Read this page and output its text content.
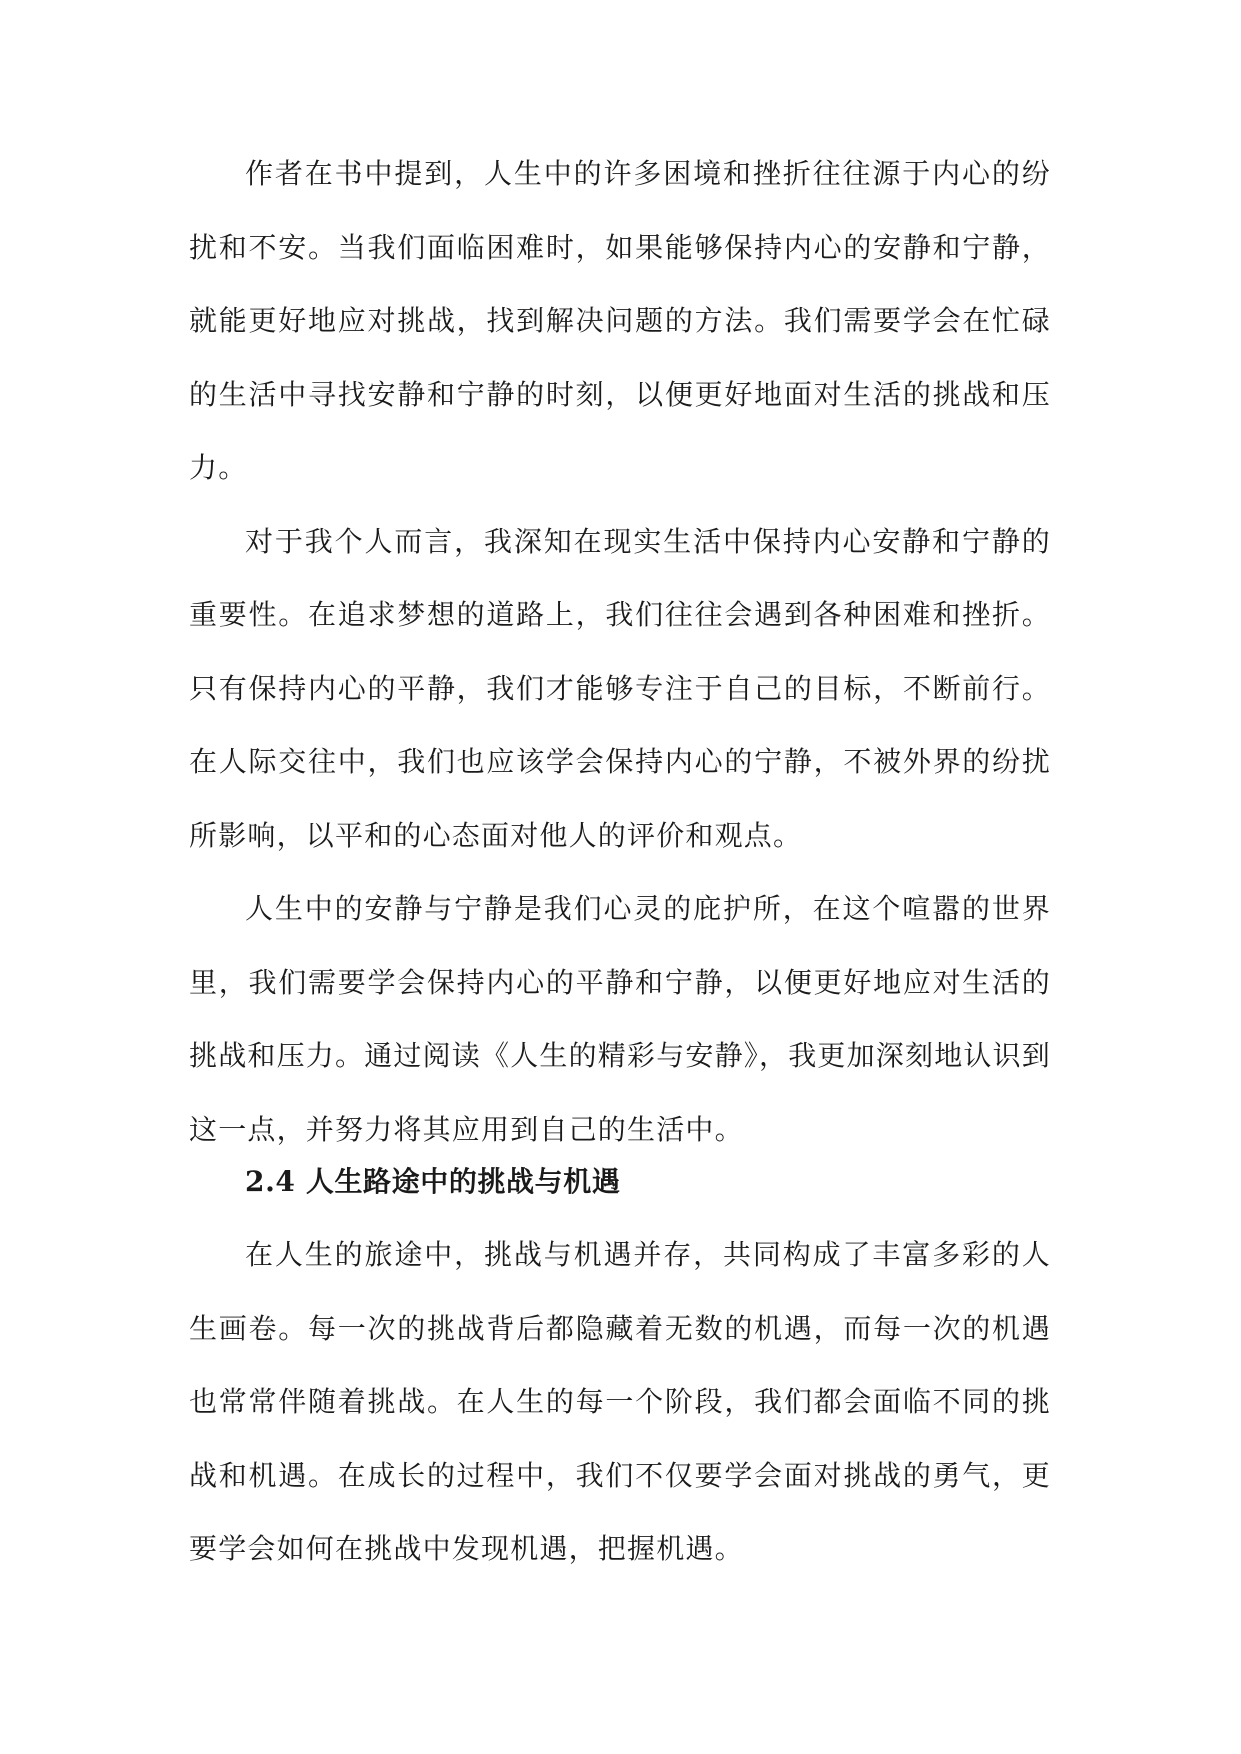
作者在书中提到，人生中的许多困境和挫折往往源于内心的纷扰和不安。当我们面临困难时，如果能够保持内心的安静和宁静，就能更好地应对挑战，找到解决问题的方法。我们需要学会在忙碌的生活中寻找安静和宁静的时刻，以便更好地面对生活的挑战和压力。

对于我个人而言，我深知在现实生活中保持内心安静和宁静的重要性。在追求梦想的道路上，我们往往会遇到各种困难和挫折。只有保持内心的平静，我们才能够专注于自己的目标，不断前行。在人际交往中，我们也应该学会保持内心的宁静，不被外界的纷扰所影响，以平和的心态面对他人的评价和观点。

人生中的安静与宁静是我们心灵的庇护所，在这个喧嚣的世界里，我们需要学会保持内心的平静和宁静，以便更好地应对生活的挑战和压力。通过阅读《人生的精彩与安静》，我更加深刻地认识到这一点，并努力将其应用到自己的生活中。

2.4 人生路途中的挑战与机遇

在人生的旅途中，挑战与机遇并存，共同构成了丰富多彩的人生画卷。每一次的挑战背后都隐藏着无数的机遇，而每一次的机遇也常常伴随着挑战。在人生的每一个阶段，我们都会面临不同的挑战和机遇。在成长的过程中，我们不仅要学会面对挑战的勇气，更要学会如何在挑战中发现机遇，把握机遇。
